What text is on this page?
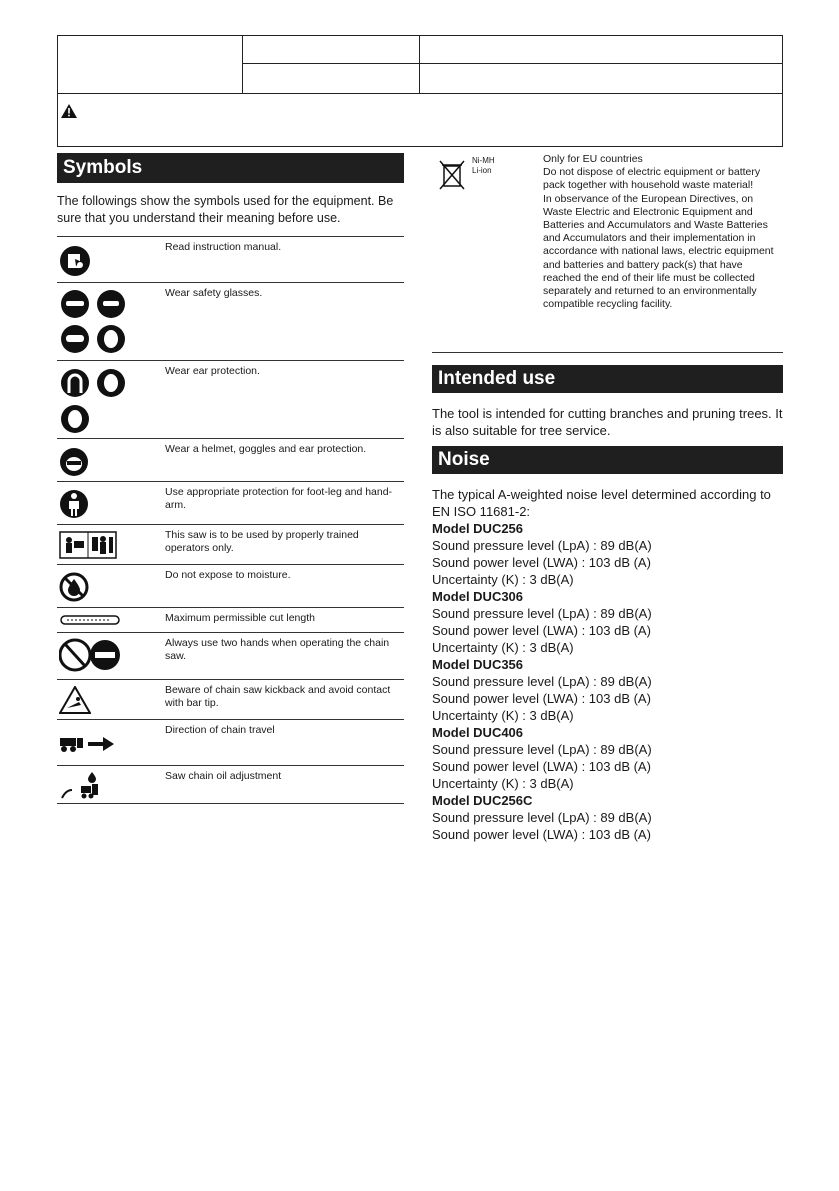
Symbols
The followings show the symbols used for the equipment. Be sure that you understand their meaning before use.
Read instruction manual.
Wear safety glasses.
Wear ear protection.
Wear a helmet, goggles and ear protection.
Use appropriate protection for foot-leg and hand-arm.
This saw is to be used by properly trained operators only.
Do not expose to moisture.
Maximum permissible cut length
Always use two hands when operating the chain saw.
Beware of chain saw kickback and avoid contact with bar tip.
Direction of chain travel
Saw chain oil adjustment
Ni-MH
Li-ion
Only for EU countries
Do not dispose of electric equipment or battery pack together with household waste material!
In observance of the European Directives, on Waste Electric and Electronic Equipment and Batteries and Accumulators and Waste Batteries and Accumulators and their implementation in accordance with national laws, electric equipment and batteries and battery pack(s) that have reached the end of their life must be collected separately and returned to an environmentally compatible recycling facility.
Intended use
The tool is intended for cutting branches and pruning trees. It is also suitable for tree service.
Noise
The typical A-weighted noise level determined according to EN ISO 11681-2:
Model DUC256
Sound pressure level (LpA) : 89 dB(A)
Sound power level (LWA) : 103 dB (A)
Uncertainty (K) : 3 dB(A)
Model DUC306
Sound pressure level (LpA) : 89 dB(A)
Sound power level (LWA) : 103 dB (A)
Uncertainty (K) : 3 dB(A)
Model DUC356
Sound pressure level (LpA) : 89 dB(A)
Sound power level (LWA) : 103 dB (A)
Uncertainty (K) : 3 dB(A)
Model DUC406
Sound pressure level (LpA) : 89 dB(A)
Sound power level (LWA) : 103 dB (A)
Uncertainty (K) : 3 dB(A)
Model DUC256C
Sound pressure level (LpA) : 89 dB(A)
Sound power level (LWA) : 103 dB (A)
